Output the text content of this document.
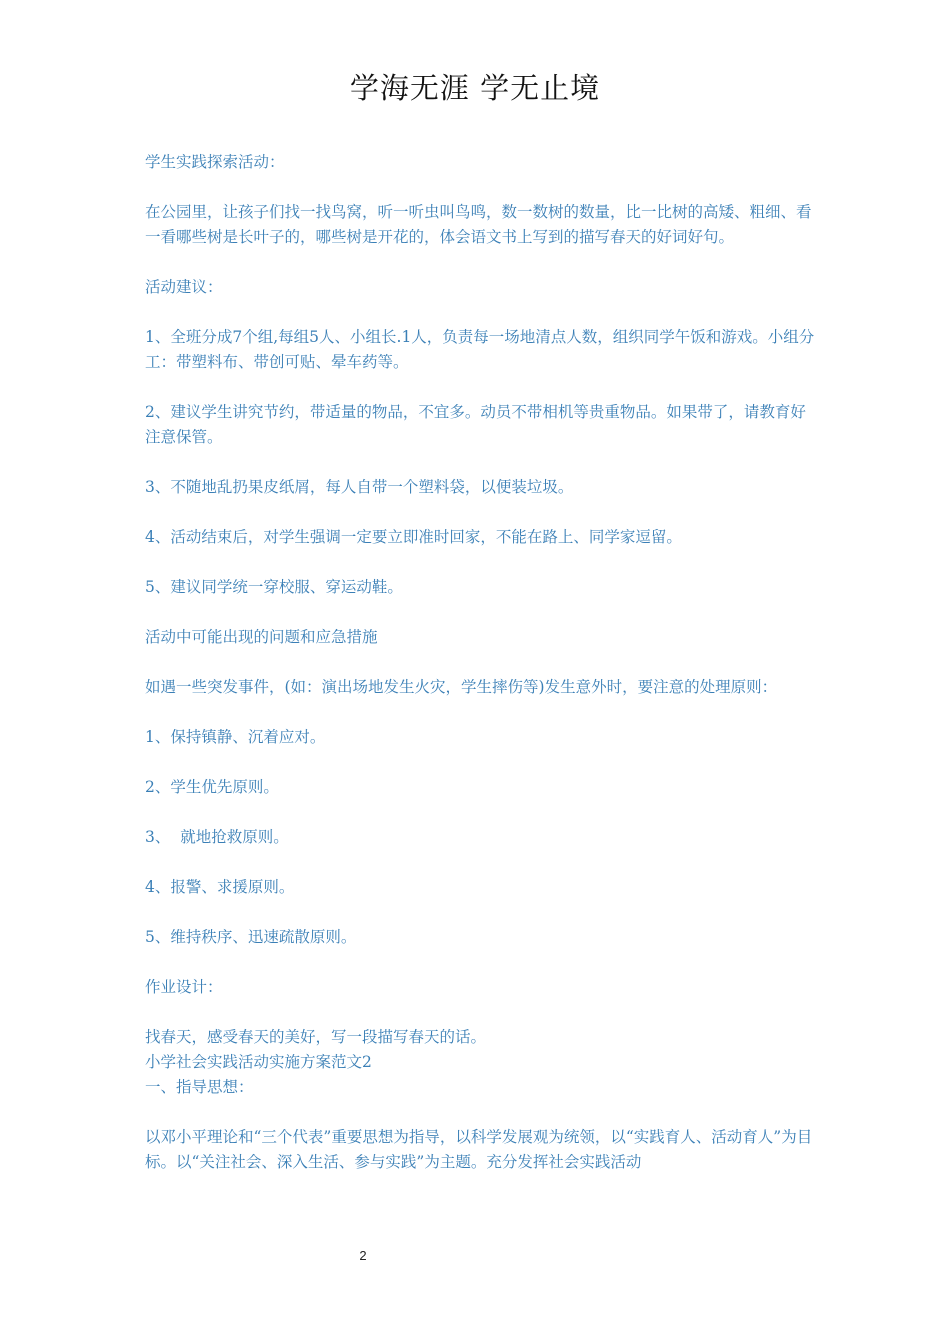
学海无涯 学无止境

学生实践探索活动：

在公园里，让孩子们找一找鸟窝，听一听虫叫鸟鸣，数一数树的数量，比一比树的高矮、粗细、看一看哪些树是长叶子的，哪些树是开花的，体会语文书上写到的描写春天的好词好句。

活动建议：

1、全班分成7个组,每组5人、小组长.1人，负责每一场地清点人数，组织同学午饭和游戏。小组分工：带塑料布、带创可贴、晕车药等。

2、建议学生讲究节约，带适量的物品，不宜多。动员不带相机等贵重物品。如果带了，请教育好注意保管。

3、不随地乱扔果皮纸屑，每人自带一个塑料袋，以便装垃圾。

4、活动结束后，对学生强调一定要立即准时回家，不能在路上、同学家逗留。

5、建议同学统一穿校服、穿运动鞋。

活动中可能出现的问题和应急措施

如遇一些突发事件，(如：演出场地发生火灾，学生摔伤等)发生意外时，要注意的处理原则：

1、保持镇静、沉着应对。

2、学生优先原则。

3、  就地抢救原则。

4、报警、求援原则。

5、维持秩序、迅速疏散原则。

作业设计：

找春天，感受春天的美好，写一段描写春天的话。

小学社会实践活动实施方案范文2

一、指导思想：

以邓小平理论和“三个代表”重要思想为指导，以科学发展观为统领，以“实践育人、活动育人”为目标。以“关注社会、深入生活、参与实践”为主题。充分发挥社会实践活动

2
